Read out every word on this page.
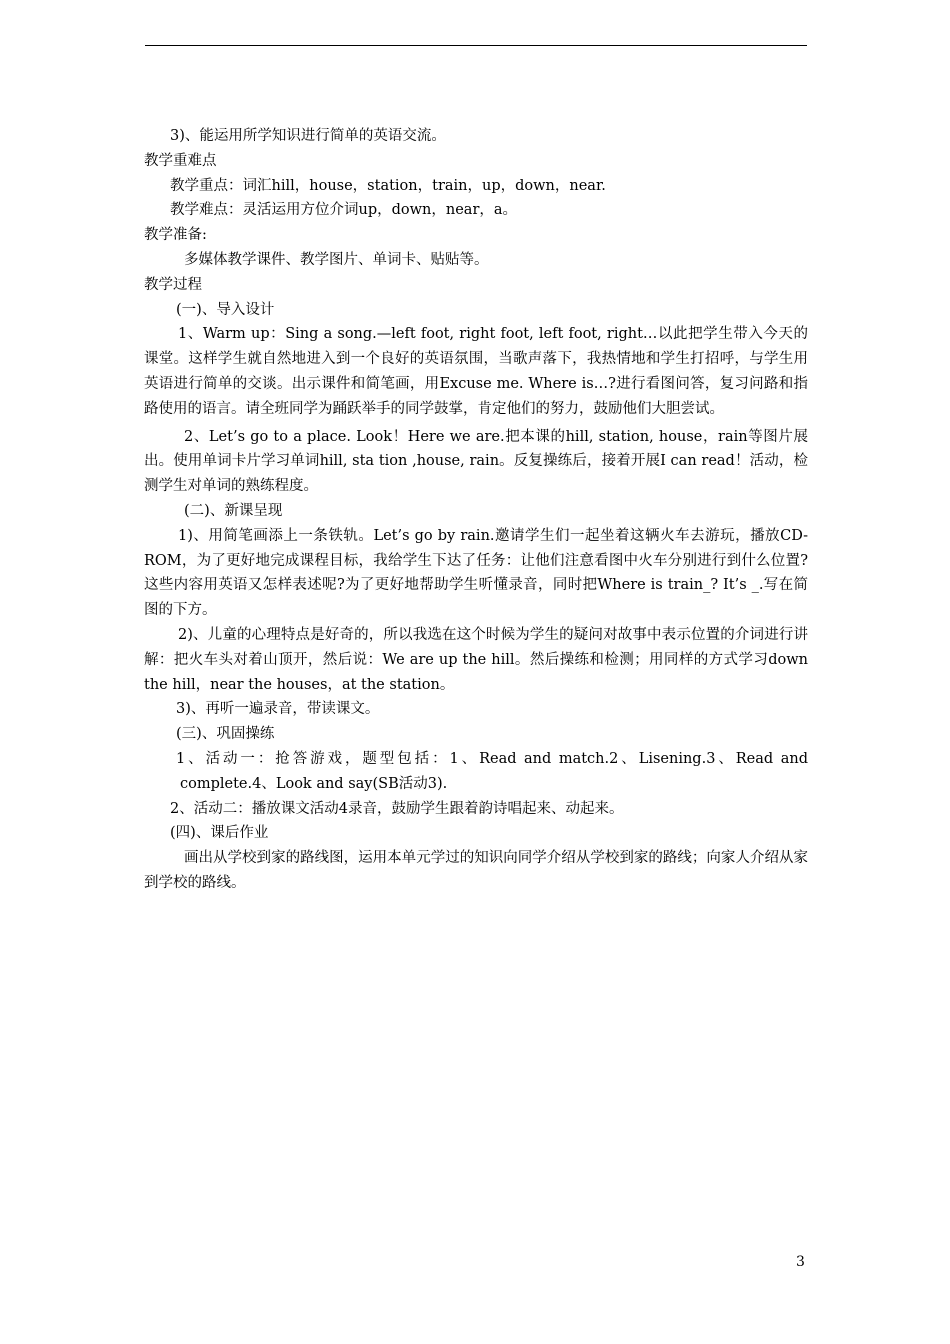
3)、能运用所学知识进行简单的英语交流。

教学重难点

教学重点：词汇hill，house，station，train，up，down，near.

教学难点：灵活运用方位介词up，down，near，a。

教学准备:

多媒体教学课件、教学图片、单词卡、贴贴等。

教学过程

(一)、导入设计

1、Warm up：Sing a song.—left foot, right foot, left foot, right…以此把学生带入今天的课堂。这样学生就自然地进入到一个良好的英语氛围，当歌声落下，我热情地和学生打招呼，与学生用英语进行简单的交谈。出示课件和简笔画，用Excuse me. Where is…?进行看图问答，复习问路和指路使用的语言。请全班同学为踊跃举手的同学鼓掌，肯定他们的努力，鼓励他们大胆尝试。

2、Let’s go to a place. Look！Here we are.把本课的hill, station, house，rain等图片展出。使用单词卡片学习单词hill, sta tion ,house, rain。反复操练后，接着开展I can read！活动，检测学生对单词的熟练程度。

(二)、新课呈现

1)、用简笔画添上一条铁轨。Let’s go by rain.邀请学生们一起坐着这辆火车去游玩，播放CD-ROM，为了更好地完成课程目标，我给学生下达了任务：让他们注意看图中火车分别进行到什么位置?这些内容用英语又怎样表述呢?为了更好地帮助学生听懂录音，同时把Where is train_? It’s _.写在简图的下方。

2)、儿童的心理特点是好奇的，所以我选在这个时候为学生的疑问对故事中表示位置的介词进行讲解：把火车头对着山顶开，然后说：We are up the hill。然后操练和检测；用同样的方式学习down the hill，near the houses，at the station。

3)、再听一遍录音，带读课文。

(三)、巩固操练

1、活动一：抢答游戏，题型包括：1、Read and match.2、Lisening.3、Read and complete.4、Look and say(SB活动3).

2、活动二：播放课文活动4录音，鼓励学生跟着韵诗唱起来、动起来。

(四)、课后作业

画出从学校到家的路线图，运用本单元学过的知识向同学介绍从学校到家的路线；向家人介绍从家到学校的路线。

3
